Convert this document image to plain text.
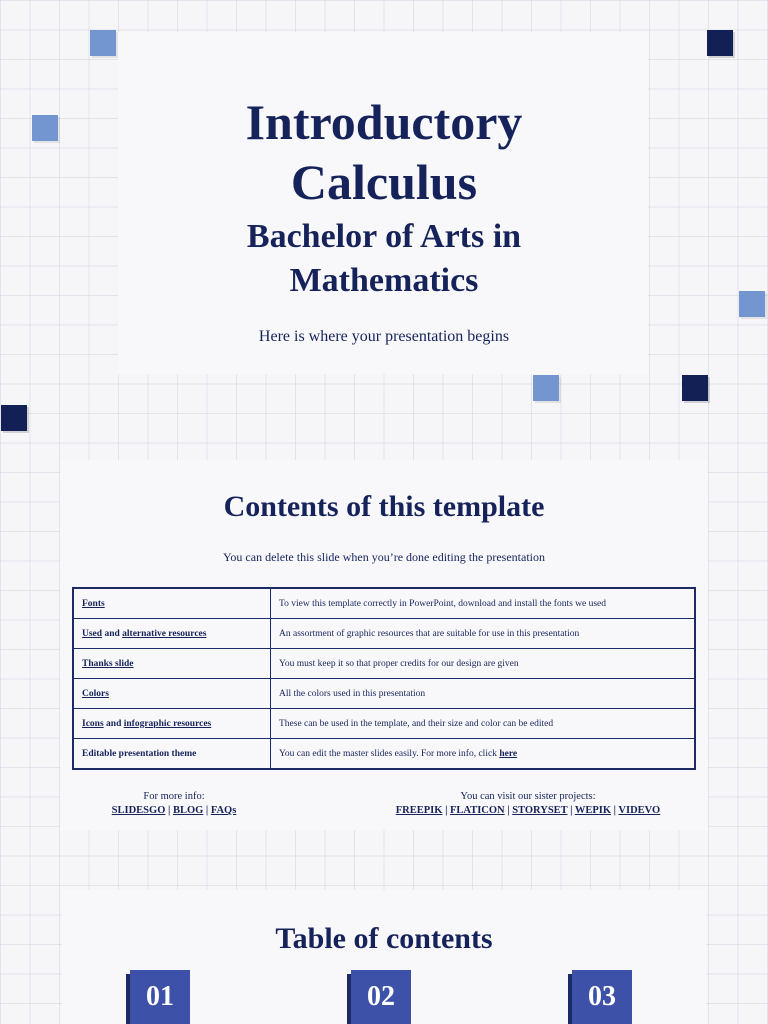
Introductory
Calculus
Bachelor of Arts in
Mathematics
Here is where your presentation begins
Contents of this template
You can delete this slide when you’re done editing the presentation
Fonts	To view this template correctly in PowerPoint, download and install the fonts we used
Used and alternative resources	An assortment of graphic resources that are suitable for use in this presentation
Thanks slide	You must keep it so that proper credits for our design are given
Colors	All the colors used in this presentation
Icons and infographic resources	These can be used in the template, and their size and color can be edited
Editable presentation theme	You can edit the master slides easily. For more info, click here
For more info:
SLIDESGO | BLOG | FAQs
You can visit our sister projects:
FREEPIK | FLATICON | STORYSET | WEPIK | VIDEVO
Table of contents
01	02	03
